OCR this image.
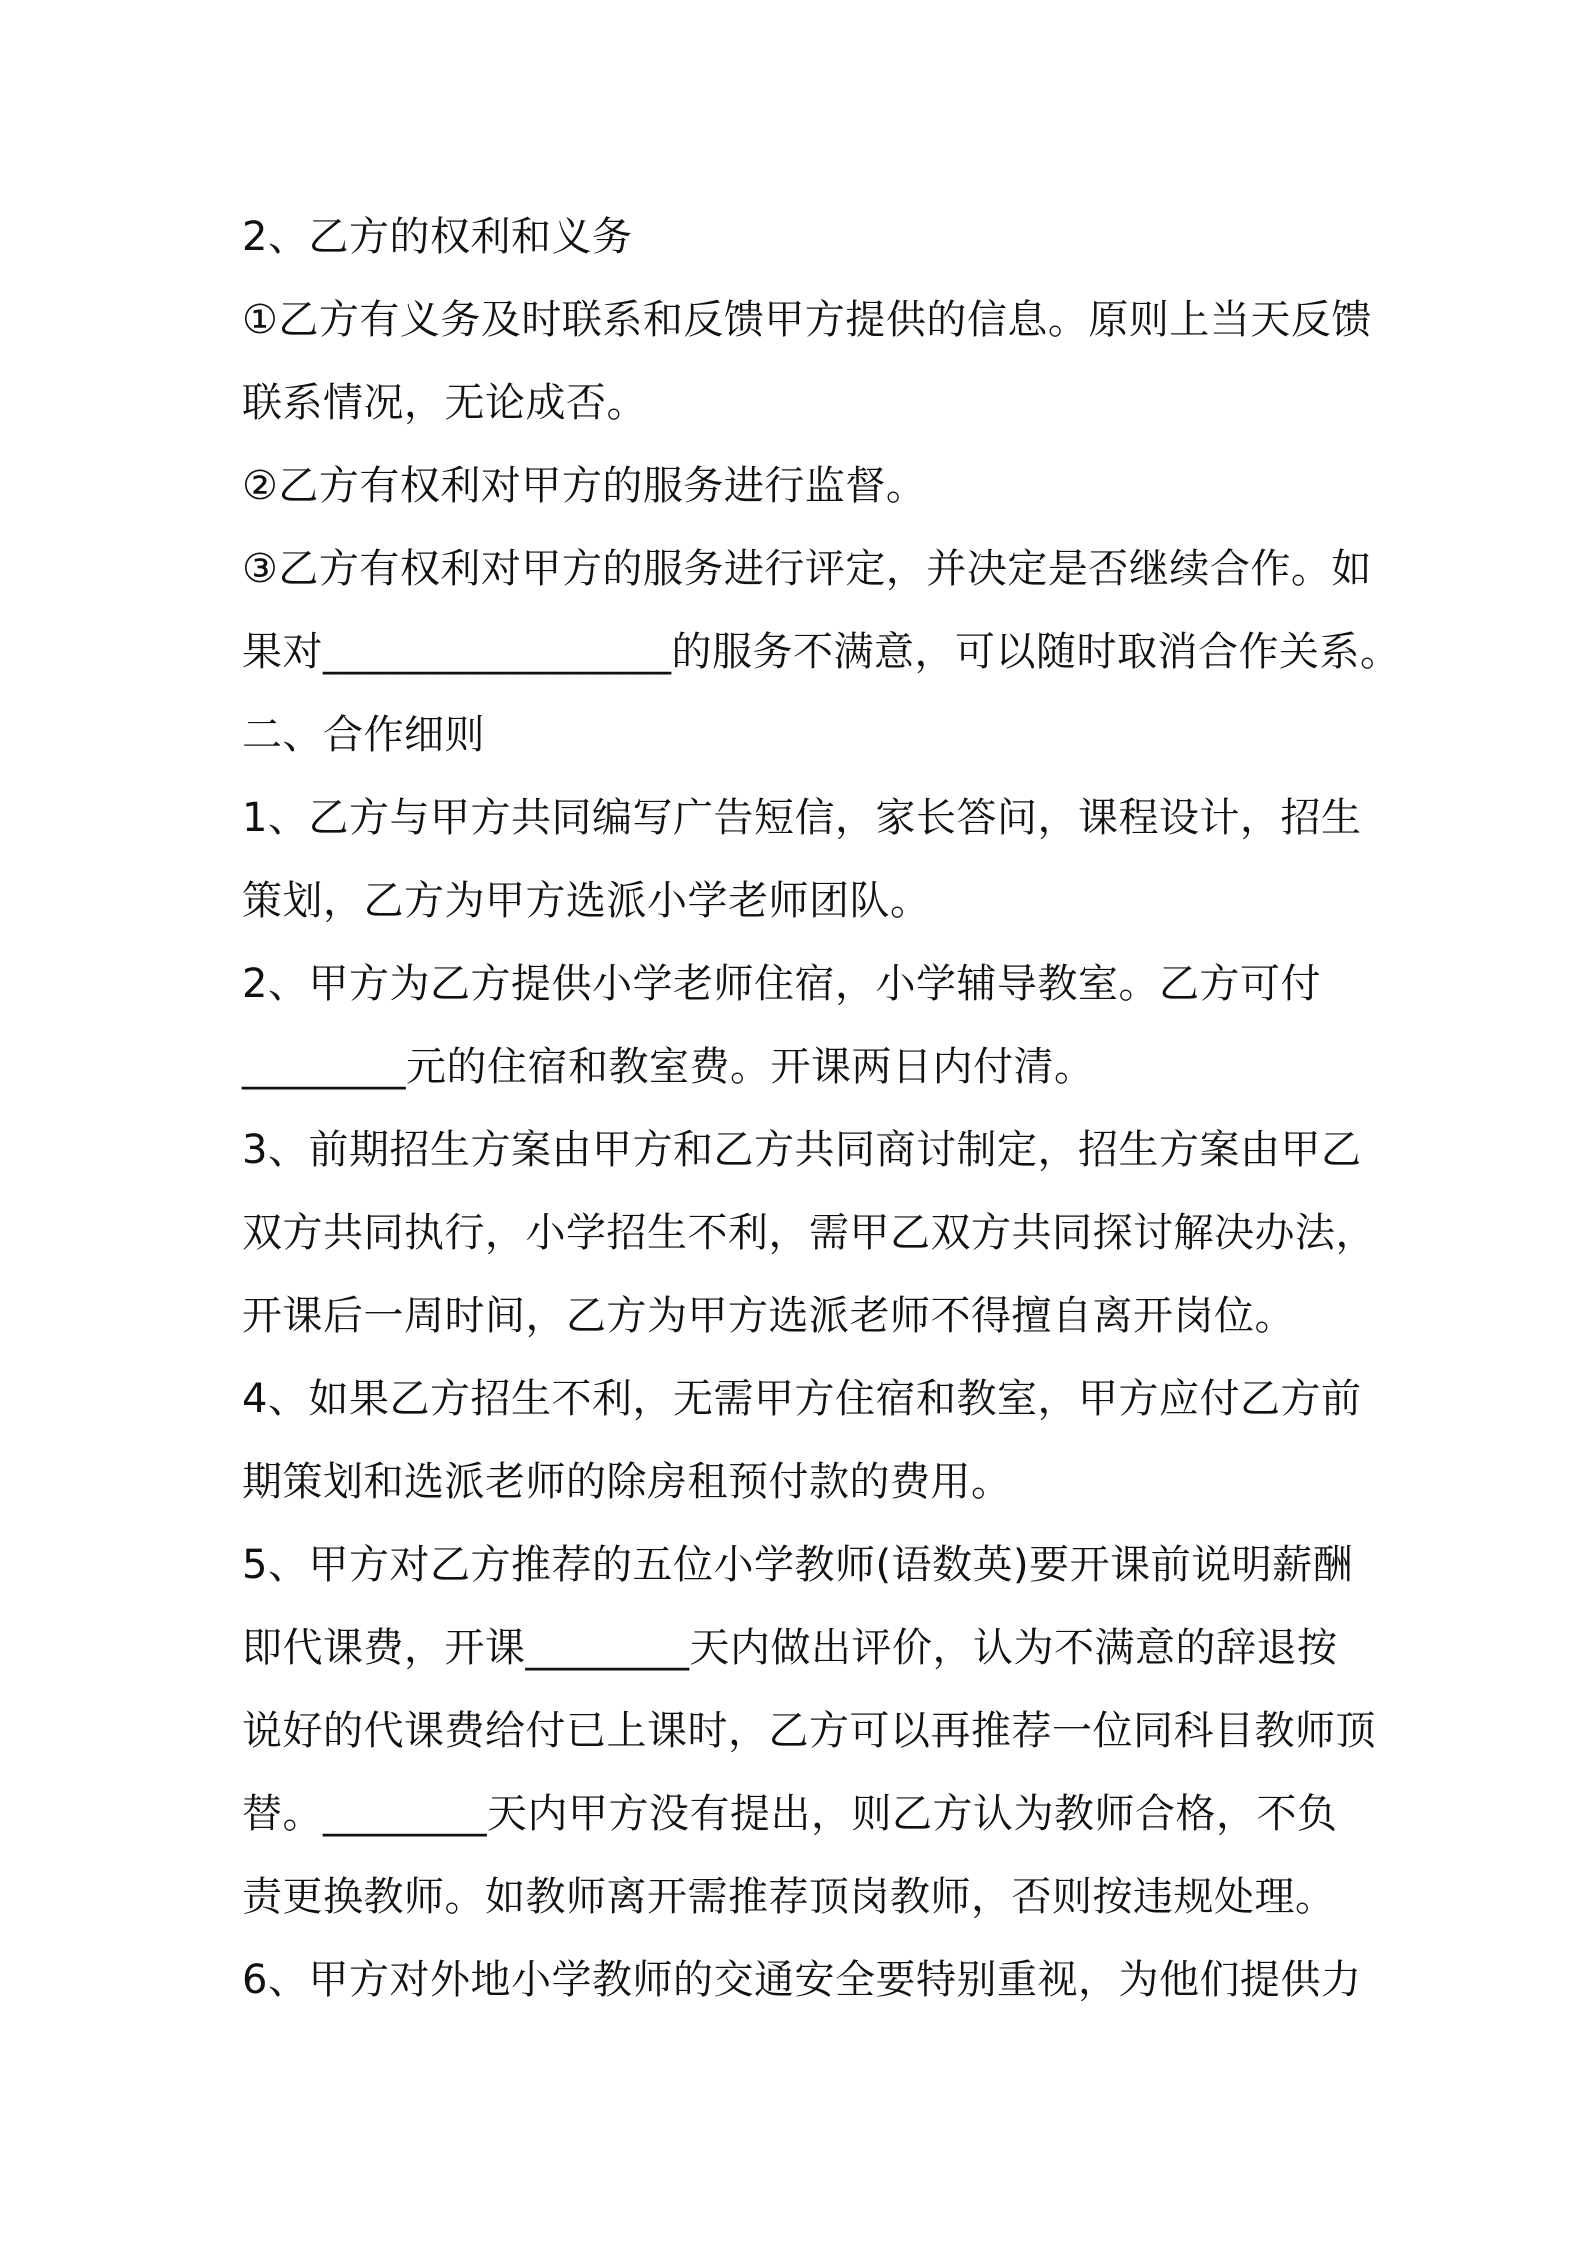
2、乙方的权利和义务
①乙方有义务及时联系和反馈甲方提供的信息。原则上当天反馈
联系情况，无论成否。
②乙方有权利对甲方的服务进行监督。
③乙方有权利对甲方的服务进行评定，并决定是否继续合作。如
果对_________________的服务不满意，可以随时取消合作关系。
二、合作细则
1、乙方与甲方共同编写广告短信，家长答问，课程设计，招生
策划，乙方为甲方选派小学老师团队。
2、甲方为乙方提供小学老师住宿，小学辅导教室。乙方可付
________元的住宿和教室费。开课两日内付清。
3、前期招生方案由甲方和乙方共同商讨制定，招生方案由甲乙
双方共同执行，小学招生不利，需甲乙双方共同探讨解决办法，
开课后一周时间，乙方为甲方选派老师不得擅自离开岗位。
4、如果乙方招生不利，无需甲方住宿和教室，甲方应付乙方前
期策划和选派老师的除房租预付款的费用。
5、甲方对乙方推荐的五位小学教师(语数英)要开课前说明薪酬
即代课费，开课________天内做出评价，认为不满意的辞退按
说好的代课费给付已上课时，乙方可以再推荐一位同科目教师顶
替。________天内甲方没有提出，则乙方认为教师合格，不负
责更换教师。如教师离开需推荐顶岗教师，否则按违规处理。
6、甲方对外地小学教师的交通安全要特别重视，为他们提供力
